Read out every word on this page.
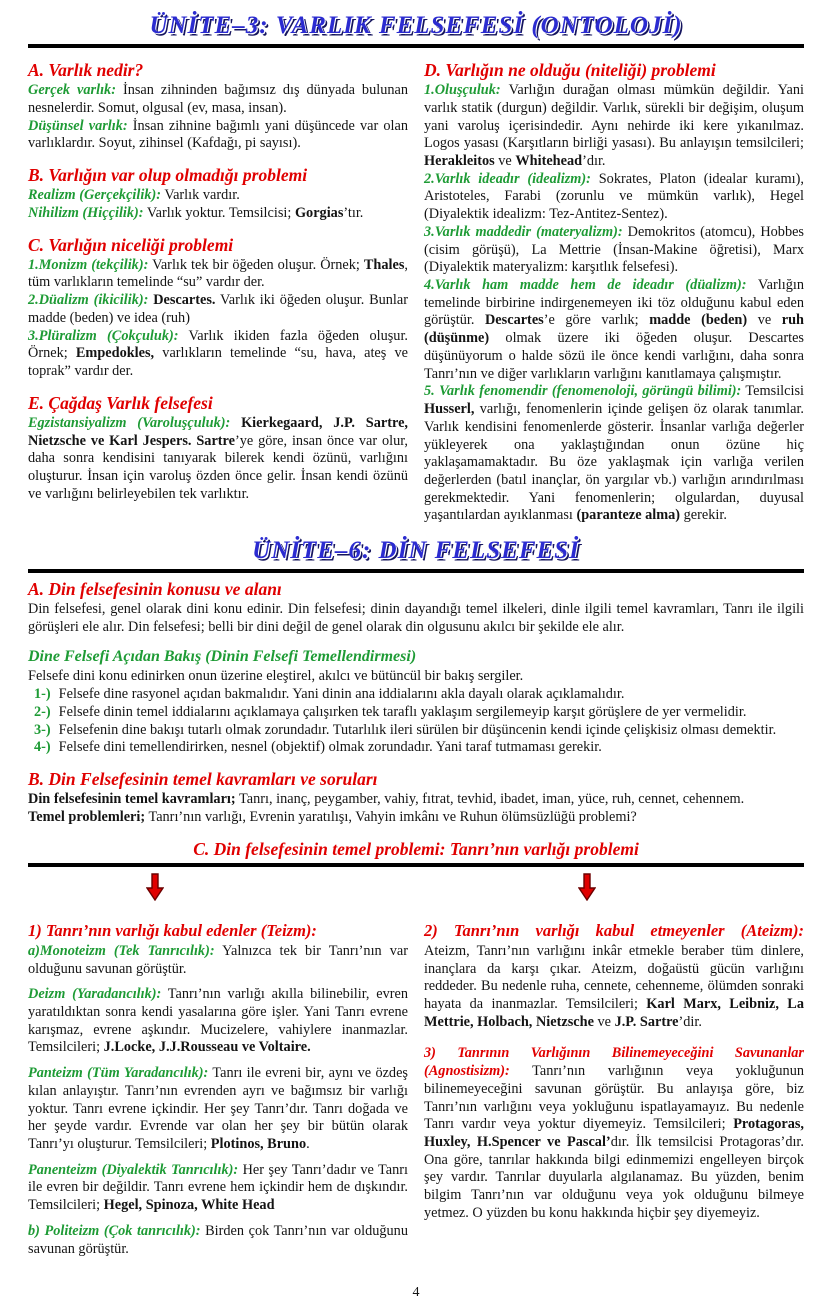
ÜNİTE–3: VARLIK FELSEFESİ (ONTOLOJİ)
A. Varlık nedir?

Gerçek varlık: İnsan zihninden bağımsız dış dünyada bulunan nesnelerdir. Somut, olgusal (ev, masa, insan).

Düşünsel varlık: İnsan zihnine bağımlı yani düşüncede var olan varlıklardır. Soyut, zihinsel (Kafdağı, pi sayısı).

B. Varlığın var olup olmadığı problemi

Realizm (Gerçekçilik): Varlık vardır.

Nihilizm (Hiççilik): Varlık yoktur. Temsilcisi; Gorgias’tır.

C. Varlığın niceliği problemi

1.Monizm (tekçilik): Varlık tek bir öğeden oluşur. Örnek; Thales, tüm varlıkların temelinde “su” vardır der.

2.Düalizm (ikicilik): Descartes. Varlık iki öğeden oluşur. Bunlar madde (beden) ve idea (ruh)

3.Plüralizm (Çokçuluk): Varlık ikiden fazla öğeden oluşur. Örnek; Empedokles, varlıkların temelinde “su, hava, ateş ve toprak” vardır der.

E. Çağdaş Varlık felsefesi

Egzistansiyalizm (Varoluşçuluk): Kierkegaard, J.P. Sartre, Nietzsche ve Karl Jespers. Sartre’ye göre, insan önce var olur, daha sonra kendisini tanıyarak bilerek kendi özünü, varlığını oluşturur. İnsan için varoluş özden önce gelir. İnsan kendi özünü ve varlığını belirleyebilen tek varlıktır.

D. Varlığın ne olduğu (niteliği) problemi

1.Oluşçuluk: Varlığın durağan olması mümkün değildir. Yani varlık statik (durgun) değildir. Varlık, sürekli bir değişim, oluşum yani varoluş içerisindedir. Aynı nehirde iki kere yıkanılmaz. Logos yasası (Karşıtların birliği yasası). Bu anlayışın temsilcileri; Herakleitos ve Whitehead’dır.

2.Varlık ideadır (idealizm): Sokrates, Platon (idealar kuramı), Aristoteles, Farabi (zorunlu ve mümkün varlık), Hegel (Diyalektik idealizm: Tez-Antitez-Sentez).

3.Varlık maddedir (materyalizm): Demokritos (atomcu), Hobbes (cisim görüşü), La Mettrie (İnsan-Makine öğretisi), Marx (Diyalektik materyalizm: karşıtlık felsefesi).

4.Varlık ham madde hem de ideadır (düalizm): Varlığın temelinde birbirine indirgenemeyen iki töz olduğunu kabul eden görüştür. Descartes’e göre varlık; madde (beden) ve ruh (düşünme) olmak üzere iki öğeden oluşur. Descartes düşünüyorum o halde sözü ile önce kendi varlığını, daha sonra Tanrı’nın ve diğer varlıkların varlığını kanıtlamaya çalışmıştır.

5. Varlık fenomendir (fenomenoloji, görüngü bilimi): Temsilcisi Husserl, varlığı, fenomenlerin içinde gelişen öz olarak tanımlar. Varlık kendisini fenomenlerde gösterir. İnsanlar varlığa değerler yükleyerek ona yaklaştığından onun özüne hiç yaklaşamamaktadır. Bu öze yaklaşmak için varlığa verilen değerlerden (batıl inançlar, ön yargılar vb.) varlığın arındırılması gerekmektedir. Yani fenomenlerin; olgulardan, duyusal yaşantılardan ayıklanması (paranteze alma) gerekir.

ÜNİTE–6: DİN FELSEFESİ
A. Din felsefesinin konusu ve alanı

Din felsefesi, genel olarak dini konu edinir. Din felsefesi; dinin dayandığı temel ilkeleri, dinle ilgili temel kavramları, Tanrı ile ilgili görüşleri ele alır. Din felsefesi; belli bir dini değil de genel olarak din olgusunu akılcı bir şekilde ele alır.

Dine Felsefi Açıdan Bakış (Dinin Felsefi Temellendirmesi)

Felsefe dini konu edinirken onun üzerine eleştirel, akılcı ve bütüncül bir bakış sergiler.

1-) Felsefe dine rasyonel açıdan bakmalıdır. Yani dinin ana iddialarını akla dayalı olarak açıklamalıdır.
2-) Felsefe dinin temel iddialarını açıklamaya çalışırken tek taraflı yaklaşım sergilemeyip karşıt görüşlere de yer vermelidir.
3-) Felsefenin dine bakışı tutarlı olmak zorundadır. Tutarlılık ileri sürülen bir düşüncenin kendi içinde çelişkisiz olması demektir.
4-) Felsefe dini temellendirirken, nesnel (objektif) olmak zorundadır. Yani taraf tutmaması gerekir.
B. Din Felsefesinin temel kavramları ve soruları

Din felsefesinin temel kavramları; Tanrı, inanç, peygamber, vahiy, fıtrat, tevhid, ibadet, iman, yüce, ruh, cennet, cehennem.

Temel problemleri; Tanrı’nın varlığı, Evrenin yaratılışı, Vahyin imkânı ve Ruhun ölümsüzlüğü problemi?

C. Din felsefesinin temel problemi: Tanrı’nın varlığı problemi
1) Tanrı’nın varlığı kabul edenler (Teizm):

a)Monoteizm (Tek Tanrıcılık): Yalnızca tek bir Tanrı’nın var olduğunu savunan görüştür.

Deizm (Yaradancılık): Tanrı’nın varlığı akılla bilinebilir, evren yaratıldıktan sonra kendi yasalarına göre işler. Yani Tanrı evrene karışmaz, evrene aşkındır. Mucizelere, vahiylere inanmazlar. Temsilcileri; J.Locke, J.J.Rousseau ve Voltaire.

Panteizm (Tüm Yaradancılık): Tanrı ile evreni bir, aynı ve özdeş kılan anlayıştır. Tanrı’nın evrenden ayrı ve bağımsız bir varlığı yoktur. Tanrı evrene içkindir. Her şey Tanrı’dır. Tanrı doğada ve her şeyde vardır. Evrende var olan her şey bir bütün olarak Tanrı’yı oluşturur. Temsilcileri; Plotinos, Bruno.

Panenteizm (Diyalektik Tanrıcılık): Her şey Tanrı’dadır ve Tanrı ile evren bir değildir. Tanrı evrene hem içkindir hem de dışkındır. Temsilcileri; Hegel, Spinoza, White Head

b) Politeizm (Çok tanrıcılık): Birden çok Tanrı’nın var olduğunu savunan görüştür.

2) Tanrı’nın varlığı kabul etmeyenler (Ateizm):

Ateizm, Tanrı’nın varlığını inkâr etmekle beraber tüm dinlere, inançlara da karşı çıkar. Ateizm, doğaüstü gücün varlığını reddeder. Bu nedenle ruha, cennete, cehenneme, ölümden sonraki hayata da inanmazlar. Temsilcileri; Karl Marx, Leibniz, La Mettrie, Holbach, Nietzsche ve J.P. Sartre’dir.

3) Tanrının Varlığının Bilinemeyeceğini Savunanlar (Agnostisizm): Tanrı’nın varlığının veya yokluğunun bilinemeyeceğini savunan görüştür. Bu anlayışa göre, biz Tanrı’nın varlığını veya yokluğunu ispatlayamayız. Bu nedenle Tanrı vardır veya yoktur diyemeyiz. Temsilcileri; Protagoras, Huxley, H.Spencer ve Pascal’dır. İlk temsilcisi Protagoras’dır. Ona göre, tanrılar hakkında bilgi edinmemizi engelleyen birçok şey vardır. Tanrılar duyularla algılanamaz. Bu yüzden, benim bilgim Tanrı’nın var olduğunu veya yok olduğunu bilmeye yetmez. O yüzden bu konu hakkında hiçbir şey diyemeyiz.

4
